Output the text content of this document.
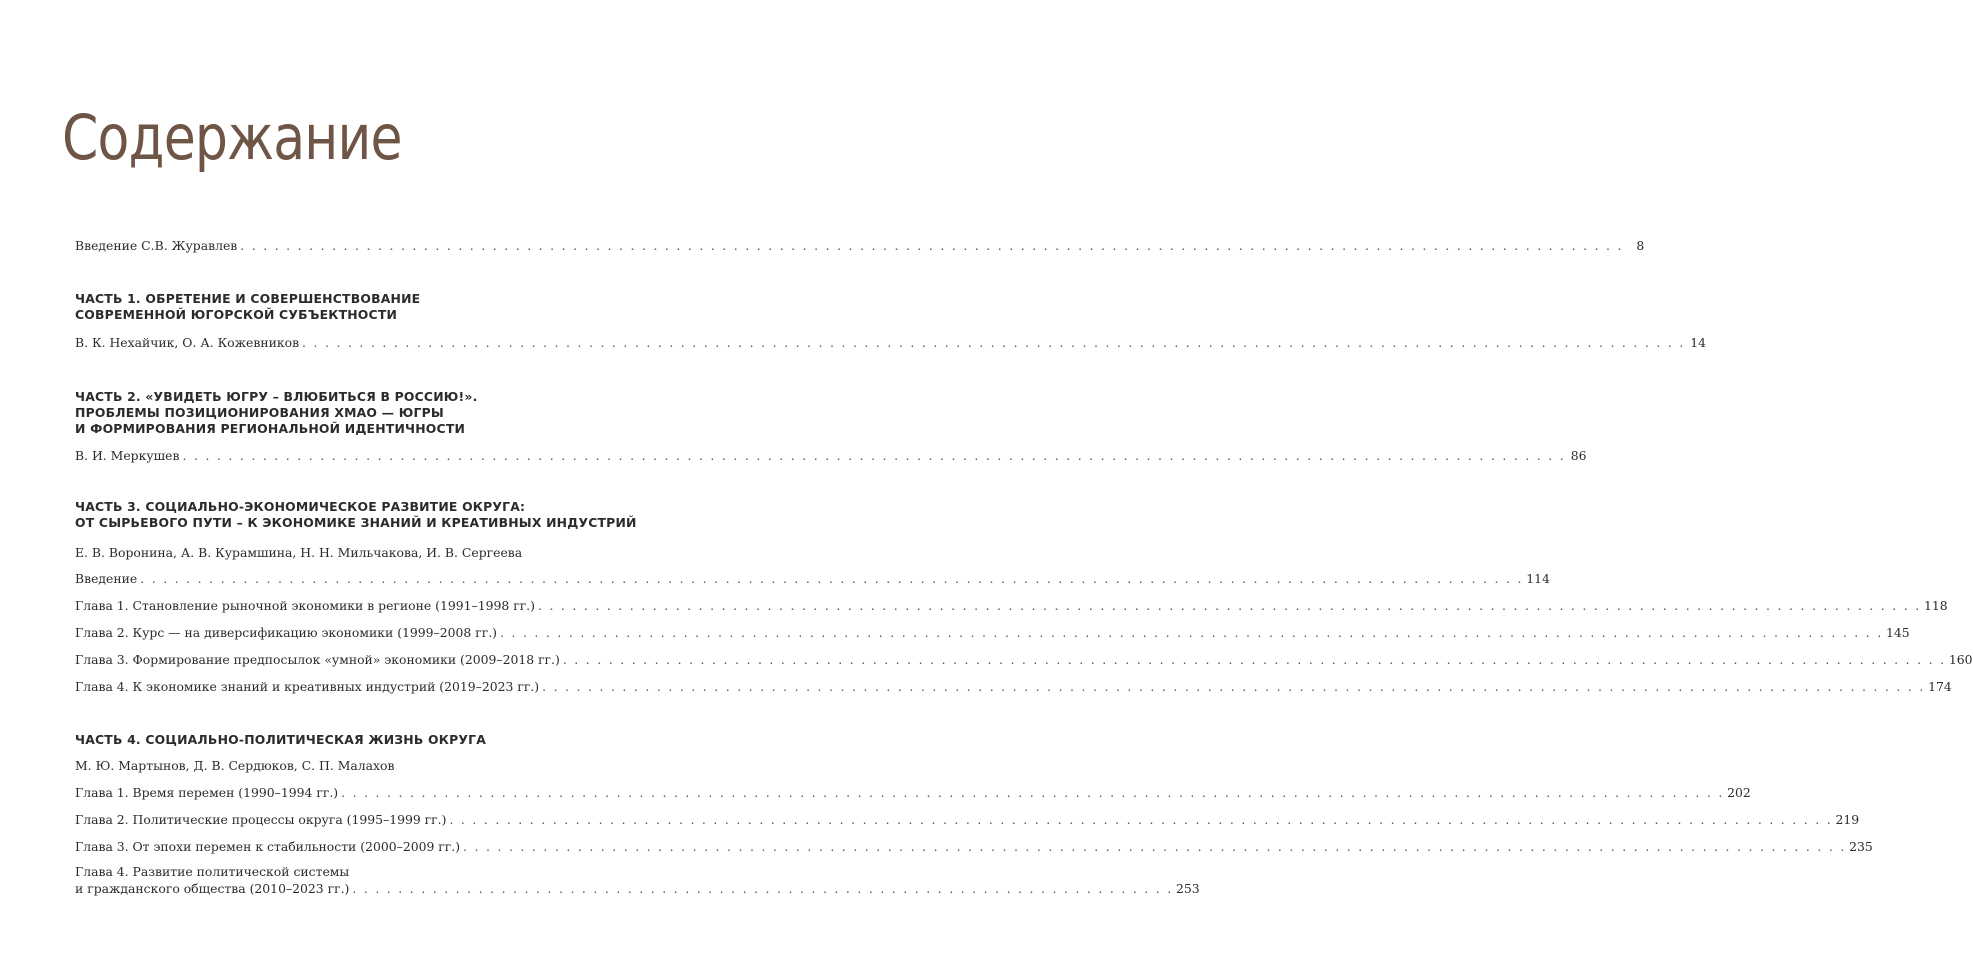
Содержание
Введение С.В. Журавлев . . .	8
ЧАСТЬ 1. ОБРЕТЕНИЕ И СОВЕРШЕНСТВОВАНИЕ
СОВРЕМЕННОЙ ЮГОРСКОЙ СУБЪЕКТНОСТИ
В. К. Нехайчик, О. А. Кожевников . . .	14
ЧАСТЬ 2. «УВИДЕТЬ ЮГРУ – ВЛЮБИТЬСЯ В РОССИЮ!».
ПРОБЛЕМЫ ПОЗИЦИОНИРОВАНИЯ ХМАО — ЮГРЫ
И ФОРМИРОВАНИЯ РЕГИОНАЛЬНОЙ ИДЕНТИЧНОСТИ
В. И. Меркушев . . .	86
ЧАСТЬ 3. СОЦИАЛЬНО-ЭКОНОМИЧЕСКОЕ РАЗВИТИЕ ОКРУГА:
ОТ СЫРЬЕВОГО ПУТИ – К ЭКОНОМИКЕ ЗНАНИЙ И КРЕАТИВНЫХ ИНДУСТРИЙ
Е. В. Воронина, А. В. Курамшина, Н. Н. Мильчакова, И. В. Сергеева
Введение . . .	114
Глава 1. Становление рыночной экономики в регионе (1991–1998 гг.) . . .	118
Глава 2. Курс — на диверсификацию экономики (1999–2008 гг.) . . .	145
Глава 3. Формирование предпосылок «умной» экономики (2009–2018 гг.) . . .	160
Глава 4. К экономике знаний и креативных индустрий (2019–2023 гг.) . . .	174
ЧАСТЬ 4. СОЦИАЛЬНО-ПОЛИТИЧЕСКАЯ ЖИЗНЬ ОКРУГА
М. Ю. Мартынов, Д. В. Сердюков, С. П. Малахов
Глава 1. Время перемен (1990–1994 гг.) . . .	202
Глава 2. Политические процессы округа (1995–1999 гг.) . . .	219
Глава 3. От эпохи перемен к стабильности (2000–2009 гг.) . . .	235
Глава 4. Развитие политической системы
и гражданского общества (2010–2023 гг.) . . . . . . . . . . . . . . . . . . . . . . . . . . . . . . . . . . . . . . . . . . . . . . . . . . . . . . . . . . . . . . . . . . . . . . . . 253
